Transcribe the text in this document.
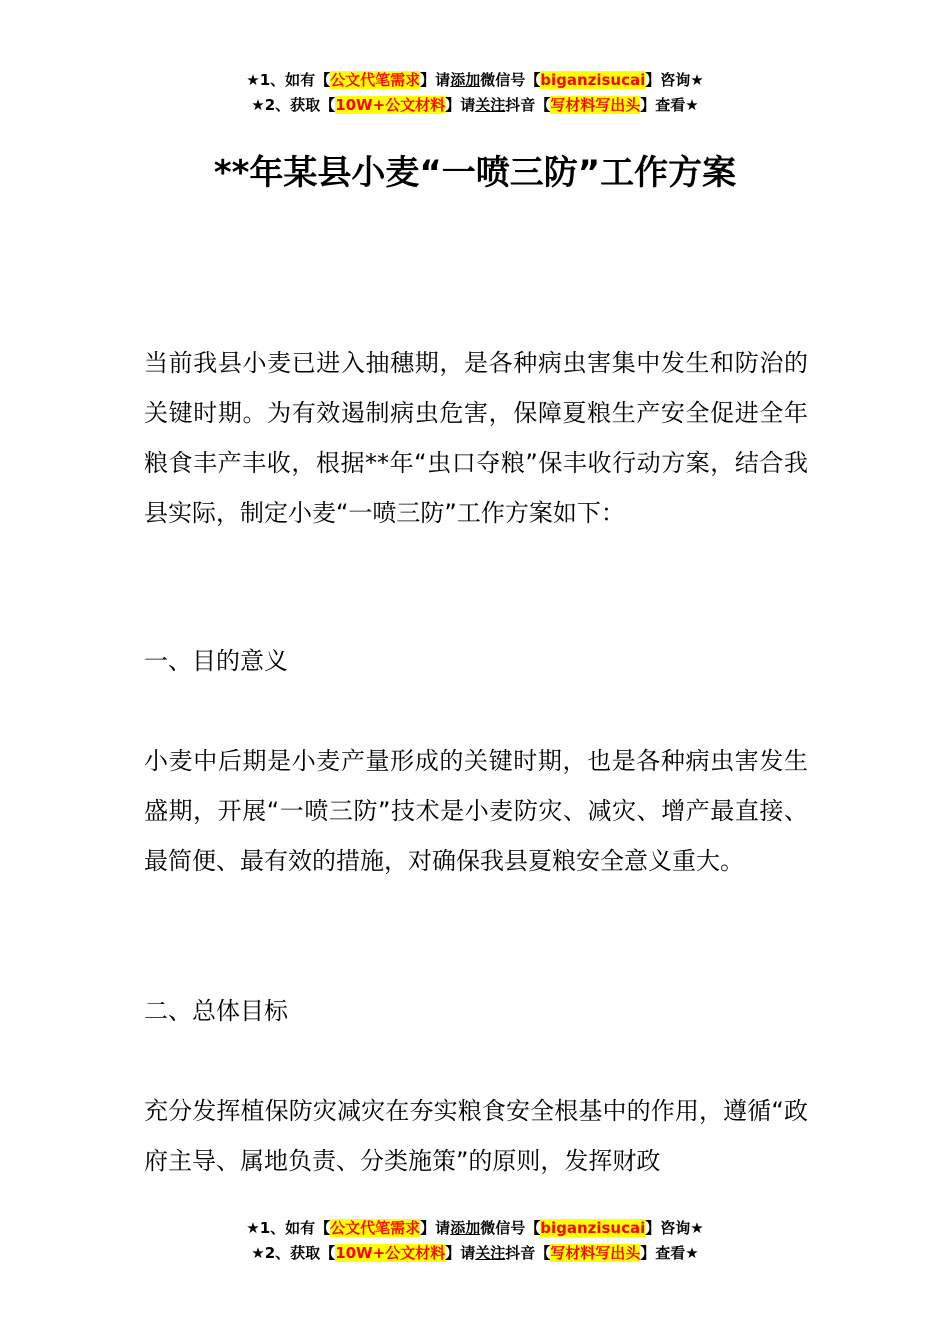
★1、如有【公文代笔需求】请添加微信号【biganzisucai】咨询★
★2、获取【10W+公文材料】请关注抖音【写材料写出头】查看★
**年某县小麦“一喷三防”工作方案

当前我县小麦已进入抽穗期，是各种病虫害集中发生和防治的关键时期。为有效遏制病虫危害，保障夏粮生产安全促进全年粮食丰产丰收，根据**年“虫口夺粮”保丰收行动方案，结合我县实际，制定小麦“一喷三防”工作方案如下：

一、目的意义

小麦中后期是小麦产量形成的关键时期，也是各种病虫害发生盛期，开展“一喷三防”技术是小麦防灾、减灾、增产最直接、最简便、最有效的措施，对确保我县夏粮安全意义重大。

二、总体目标

充分发挥植保防灾减灾在夯实粮食安全根基中的作用，遵循“政府主导、属地负责、分类施策”的原则，发挥财政

★1、如有【公文代笔需求】请添加微信号【biganzisucai】咨询★
★2、获取【10W+公文材料】请关注抖音【写材料写出头】查看★
